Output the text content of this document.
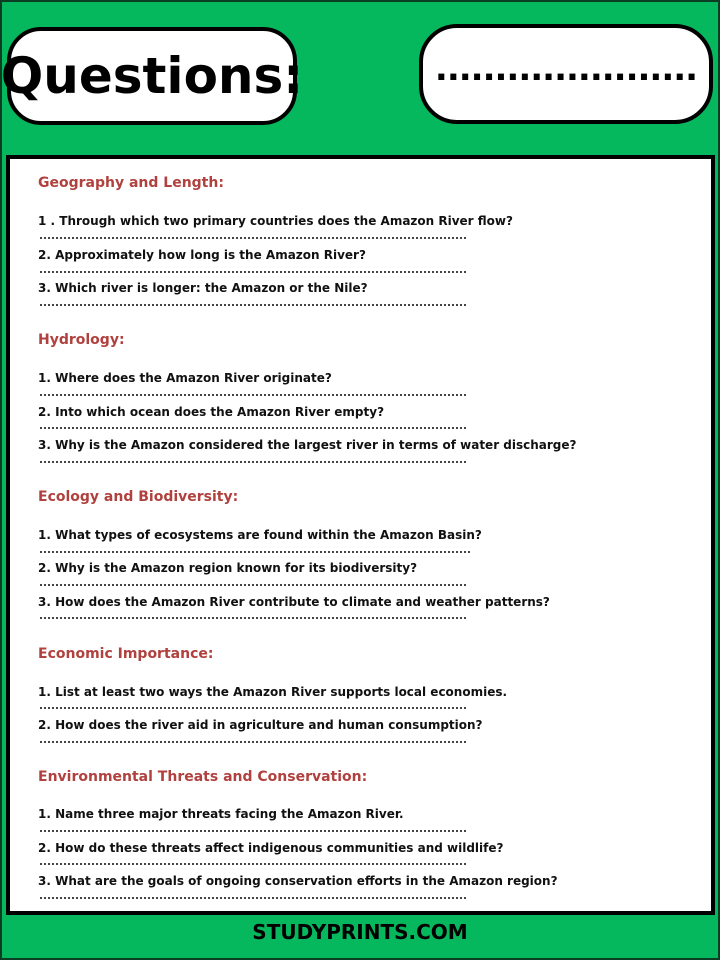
Questions:	......................
Geography and Length:
1 . Through which two primary countries does the Amazon River flow?
2. Approximately how long is the Amazon River?
3. Which river is longer: the Amazon or the Nile?
Hydrology:
1. Where does the Amazon River originate?
2. Into which ocean does the Amazon River empty?
3. Why is the Amazon considered the largest river in terms of water discharge?
Ecology and Biodiversity:
1. What types of ecosystems are found within the Amazon Basin?
2. Why is the Amazon region known for its biodiversity?
3. How does the Amazon River contribute to climate and weather patterns?
Economic Importance:
1. List at least two ways the Amazon River supports local economies.
2. How does the river aid in agriculture and human consumption?
Environmental Threats and Conservation:
1. Name three major threats facing the Amazon River.
2. How do these threats affect indigenous communities and wildlife?
3. What are the goals of ongoing conservation efforts in the Amazon region?
STUDYPRINTS.COM
